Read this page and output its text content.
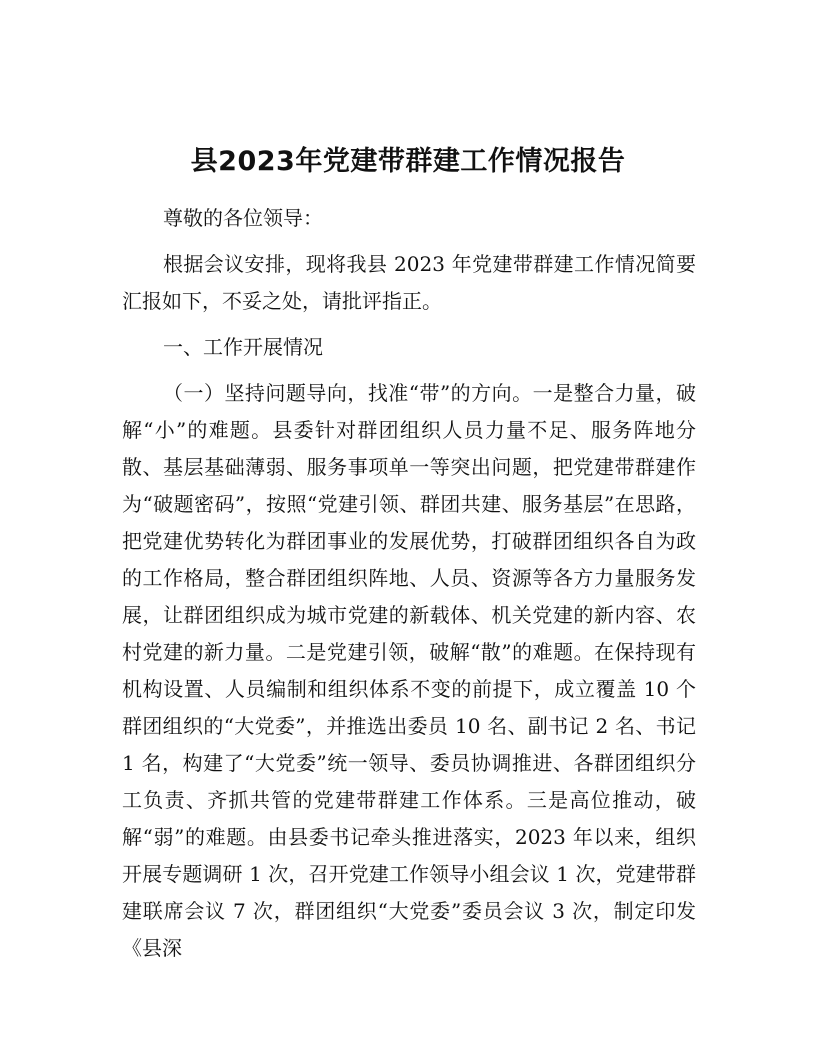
县2023年党建带群建工作情况报告

尊敬的各位领导：

根据会议安排，现将我县 2023 年党建带群建工作情况简要汇报如下，不妥之处，请批评指正。

一、工作开展情况

（一）坚持问题导向，找准“带”的方向。一是整合力量，破解“小”的难题。县委针对群团组织人员力量不足、服务阵地分散、基层基础薄弱、服务事项单一等突出问题，把党建带群建作为“破题密码”，按照“党建引领、群团共建、服务基层”在思路，把党建优势转化为群团事业的发展优势，打破群团组织各自为政的工作格局，整合群团组织阵地、人员、资源等各方力量服务发展，让群团组织成为城市党建的新载体、机关党建的新内容、农村党建的新力量。二是党建引领，破解“散”的难题。在保持现有机构设置、人员编制和组织体系不变的前提下，成立覆盖 10 个群团组织的“大党委”，并推选出委员 10 名、副书记 2 名、书记 1 名，构建了“大党委”统一领导、委员协调推进、各群团组织分工负责、齐抓共管的党建带群建工作体系。三是高位推动，破解“弱”的难题。由县委书记牵头推进落实，2023 年以来，组织开展专题调研 1 次，召开党建工作领导小组会议 1 次，党建带群建联席会议 7 次，群团组织“大党委”委员会议 3 次，制定印发《县深
